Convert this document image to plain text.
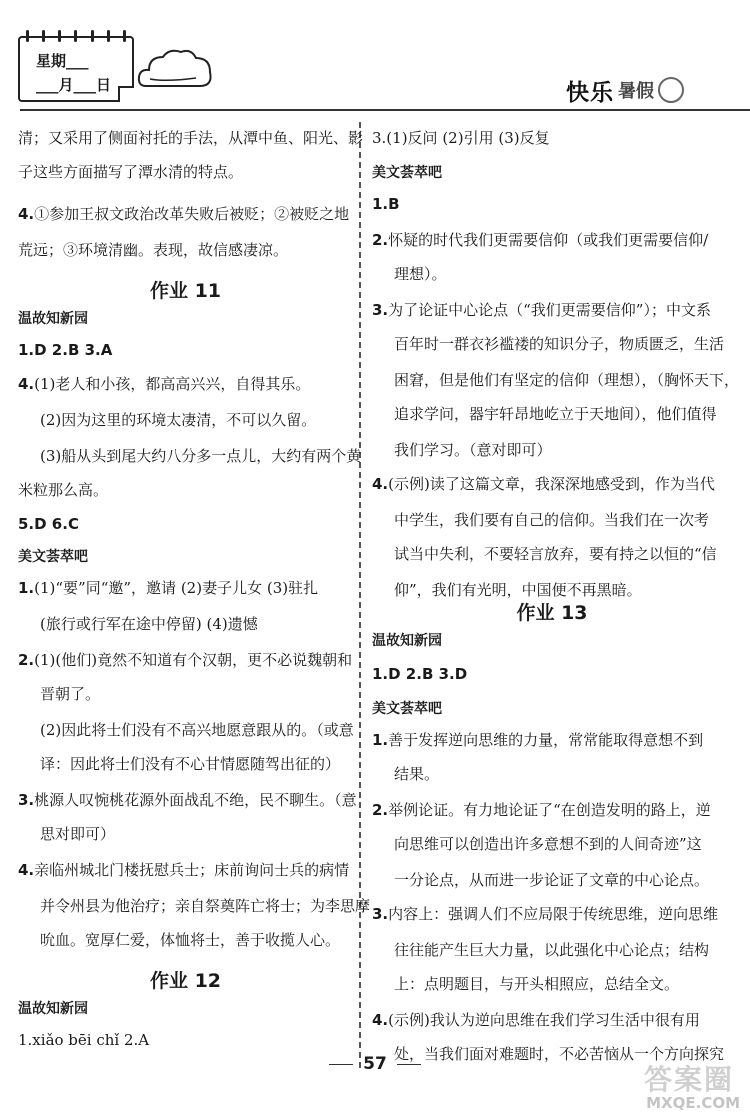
星期___
___月___日	快乐 暑假
清；又采用了侧面衬托的手法，从潭中鱼、阳光、影
子这些方面描写了潭水清的特点。
4.①参加王叔文政治改革失败后被贬；②被贬之地
荒远；③环境清幽。表现，故信感凄凉。
作业 11
温故知新园
1.D 2.B 3.A
4.(1)老人和小孩，都高高兴兴，自得其乐。
(2)因为这里的环境太凄清，不可以久留。
(3)船从头到尾大约八分多一点儿，大约有两个黄
米粒那么高。
5.D 6.C
美文荟萃吧
1.(1)“要”同“邀”，邀请 (2)妻子儿女 (3)驻扎
(旅行或行军在途中停留) (4)遗憾
2.(1)(他们)竟然不知道有个汉朝，更不必说魏朝和
晋朝了。
(2)因此将士们没有不高兴地愿意跟从的。（或意
译：因此将士们没有不心甘情愿随驾出征的）
3.桃源人叹惋桃花源外面战乱不绝，民不聊生。（意
思对即可）
4.亲临州城北门楼抚慰兵士；床前询问士兵的病情
并令州县为他治疗；亲自祭奠阵亡将士；为李思摩
吮血。宽厚仁爱，体恤将士，善于收揽人心。
作业 12
温故知新园
1.xiǎo bēi chǐ 2.A
3.(1)反问 (2)引用 (3)反复
美文荟萃吧
1.B
2.怀疑的时代我们更需要信仰（或我们更需要信仰/
理想）。
3.为了论证中心论点（“我们更需要信仰”）；中文系
百年时一群衣衫褴褛的知识分子，物质匮乏，生活
困窘，但是他们有坚定的信仰（理想），（胸怀天下，
追求学问，器宇轩昂地屹立于天地间），他们值得
我们学习。（意对即可）
4.(示例)读了这篇文章，我深深地感受到，作为当代
中学生，我们要有自己的信仰。当我们在一次考
试当中失利，不要轻言放弃，要有持之以恒的“信
仰”，我们有光明，中国便不再黑暗。
作业 13
温故知新园
1.D 2.B 3.D
美文荟萃吧
1.善于发挥逆向思维的力量，常常能取得意想不到
结果。
2.举例论证。有力地论证了“在创造发明的路上，逆
向思维可以创造出许多意想不到的人间奇迹”这
一分论点，从而进一步论证了文章的中心论点。
3.内容上：强调人们不应局限于传统思维，逆向思维
往往能产生巨大力量，以此强化中心论点；结构
上：点明题目，与开头相照应，总结全文。
4.(示例)我认为逆向思维在我们学习生活中很有用
处，当我们面对难题时，不必苦恼从一个方向探究
57	答案圈
MXQE.COM
